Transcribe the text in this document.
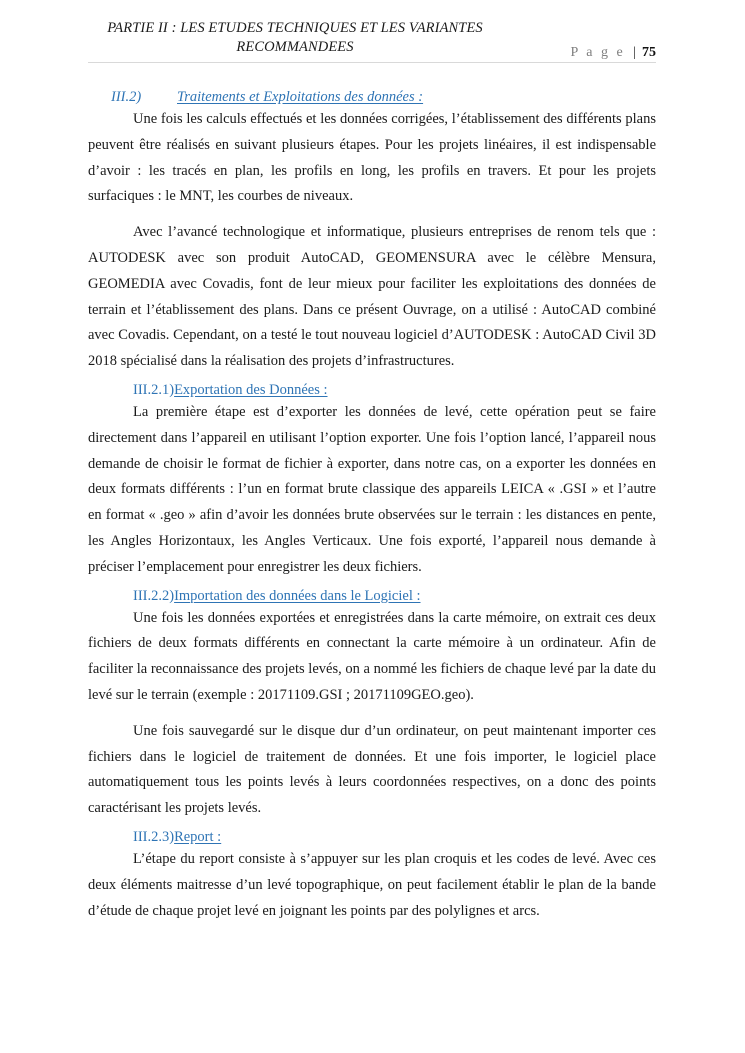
PARTIE II : LES ETUDES TECHNIQUES ET LES VARIANTES
RECOMMANDEES	P a g e | 75
III.2)	Traitements et Exploitations des données :

Une fois les calculs effectués et les données corrigées, l’établissement des différents plans peuvent être réalisés en suivant plusieurs étapes. Pour les projets linéaires, il est indispensable d’avoir : les tracés en plan, les profils en long, les profils en travers. Et pour les projets surfaciques : le MNT, les courbes de niveaux.

Avec l’avancé technologique et informatique, plusieurs entreprises de renom tels que : AUTODESK avec son produit AutoCAD, GEOMENSURA avec le célèbre Mensura, GEOMEDIA avec Covadis, font de leur mieux pour faciliter les exploitations des données de terrain et l’établissement des plans. Dans ce présent Ouvrage, on a utilisé : AutoCAD combiné avec Covadis. Cependant, on a testé le tout nouveau logiciel d’AUTODESK : AutoCAD Civil 3D 2018 spécialisé dans la réalisation des projets d’infrastructures.

III.2.1) Exportation des Données :

La première étape est d’exporter les données de levé, cette opération peut se faire directement dans l’appareil en utilisant l’option exporter. Une fois l’option lancé, l’appareil nous demande de choisir le format de fichier à exporter, dans notre cas, on a exporter les données en deux formats différents : l’un en format brute classique des appareils LEICA « .GSI » et l’autre en format « .geo » afin d’avoir les données brute observées sur le terrain : les distances en pente, les Angles Horizontaux, les Angles Verticaux. Une fois exporté, l’appareil nous demande à préciser l’emplacement pour enregistrer les deux fichiers.

III.2.2) Importation des données dans le Logiciel :

Une fois les données exportées et enregistrées dans la carte mémoire, on extrait ces deux fichiers de deux formats différents en connectant la carte mémoire à un ordinateur. Afin de faciliter la reconnaissance des projets levés, on a nommé les fichiers de chaque levé par la date du levé sur le terrain (exemple : 20171109.GSI ; 20171109GEO.geo).

Une fois sauvegardé sur le disque dur d’un ordinateur, on peut maintenant importer ces fichiers dans le logiciel de traitement de données. Et une fois importer, le logiciel place automatiquement tous les points levés à leurs coordonnées respectives, on a donc des points caractérisant les projets levés.

III.2.3) Report :

L’étape du report consiste à s’appuyer sur les plan croquis et les codes de levé. Avec ces deux éléments maitresse d’un levé topographique, on peut facilement établir le plan de la bande d’étude de chaque projet levé en joignant les points par des polylignes et arcs.
